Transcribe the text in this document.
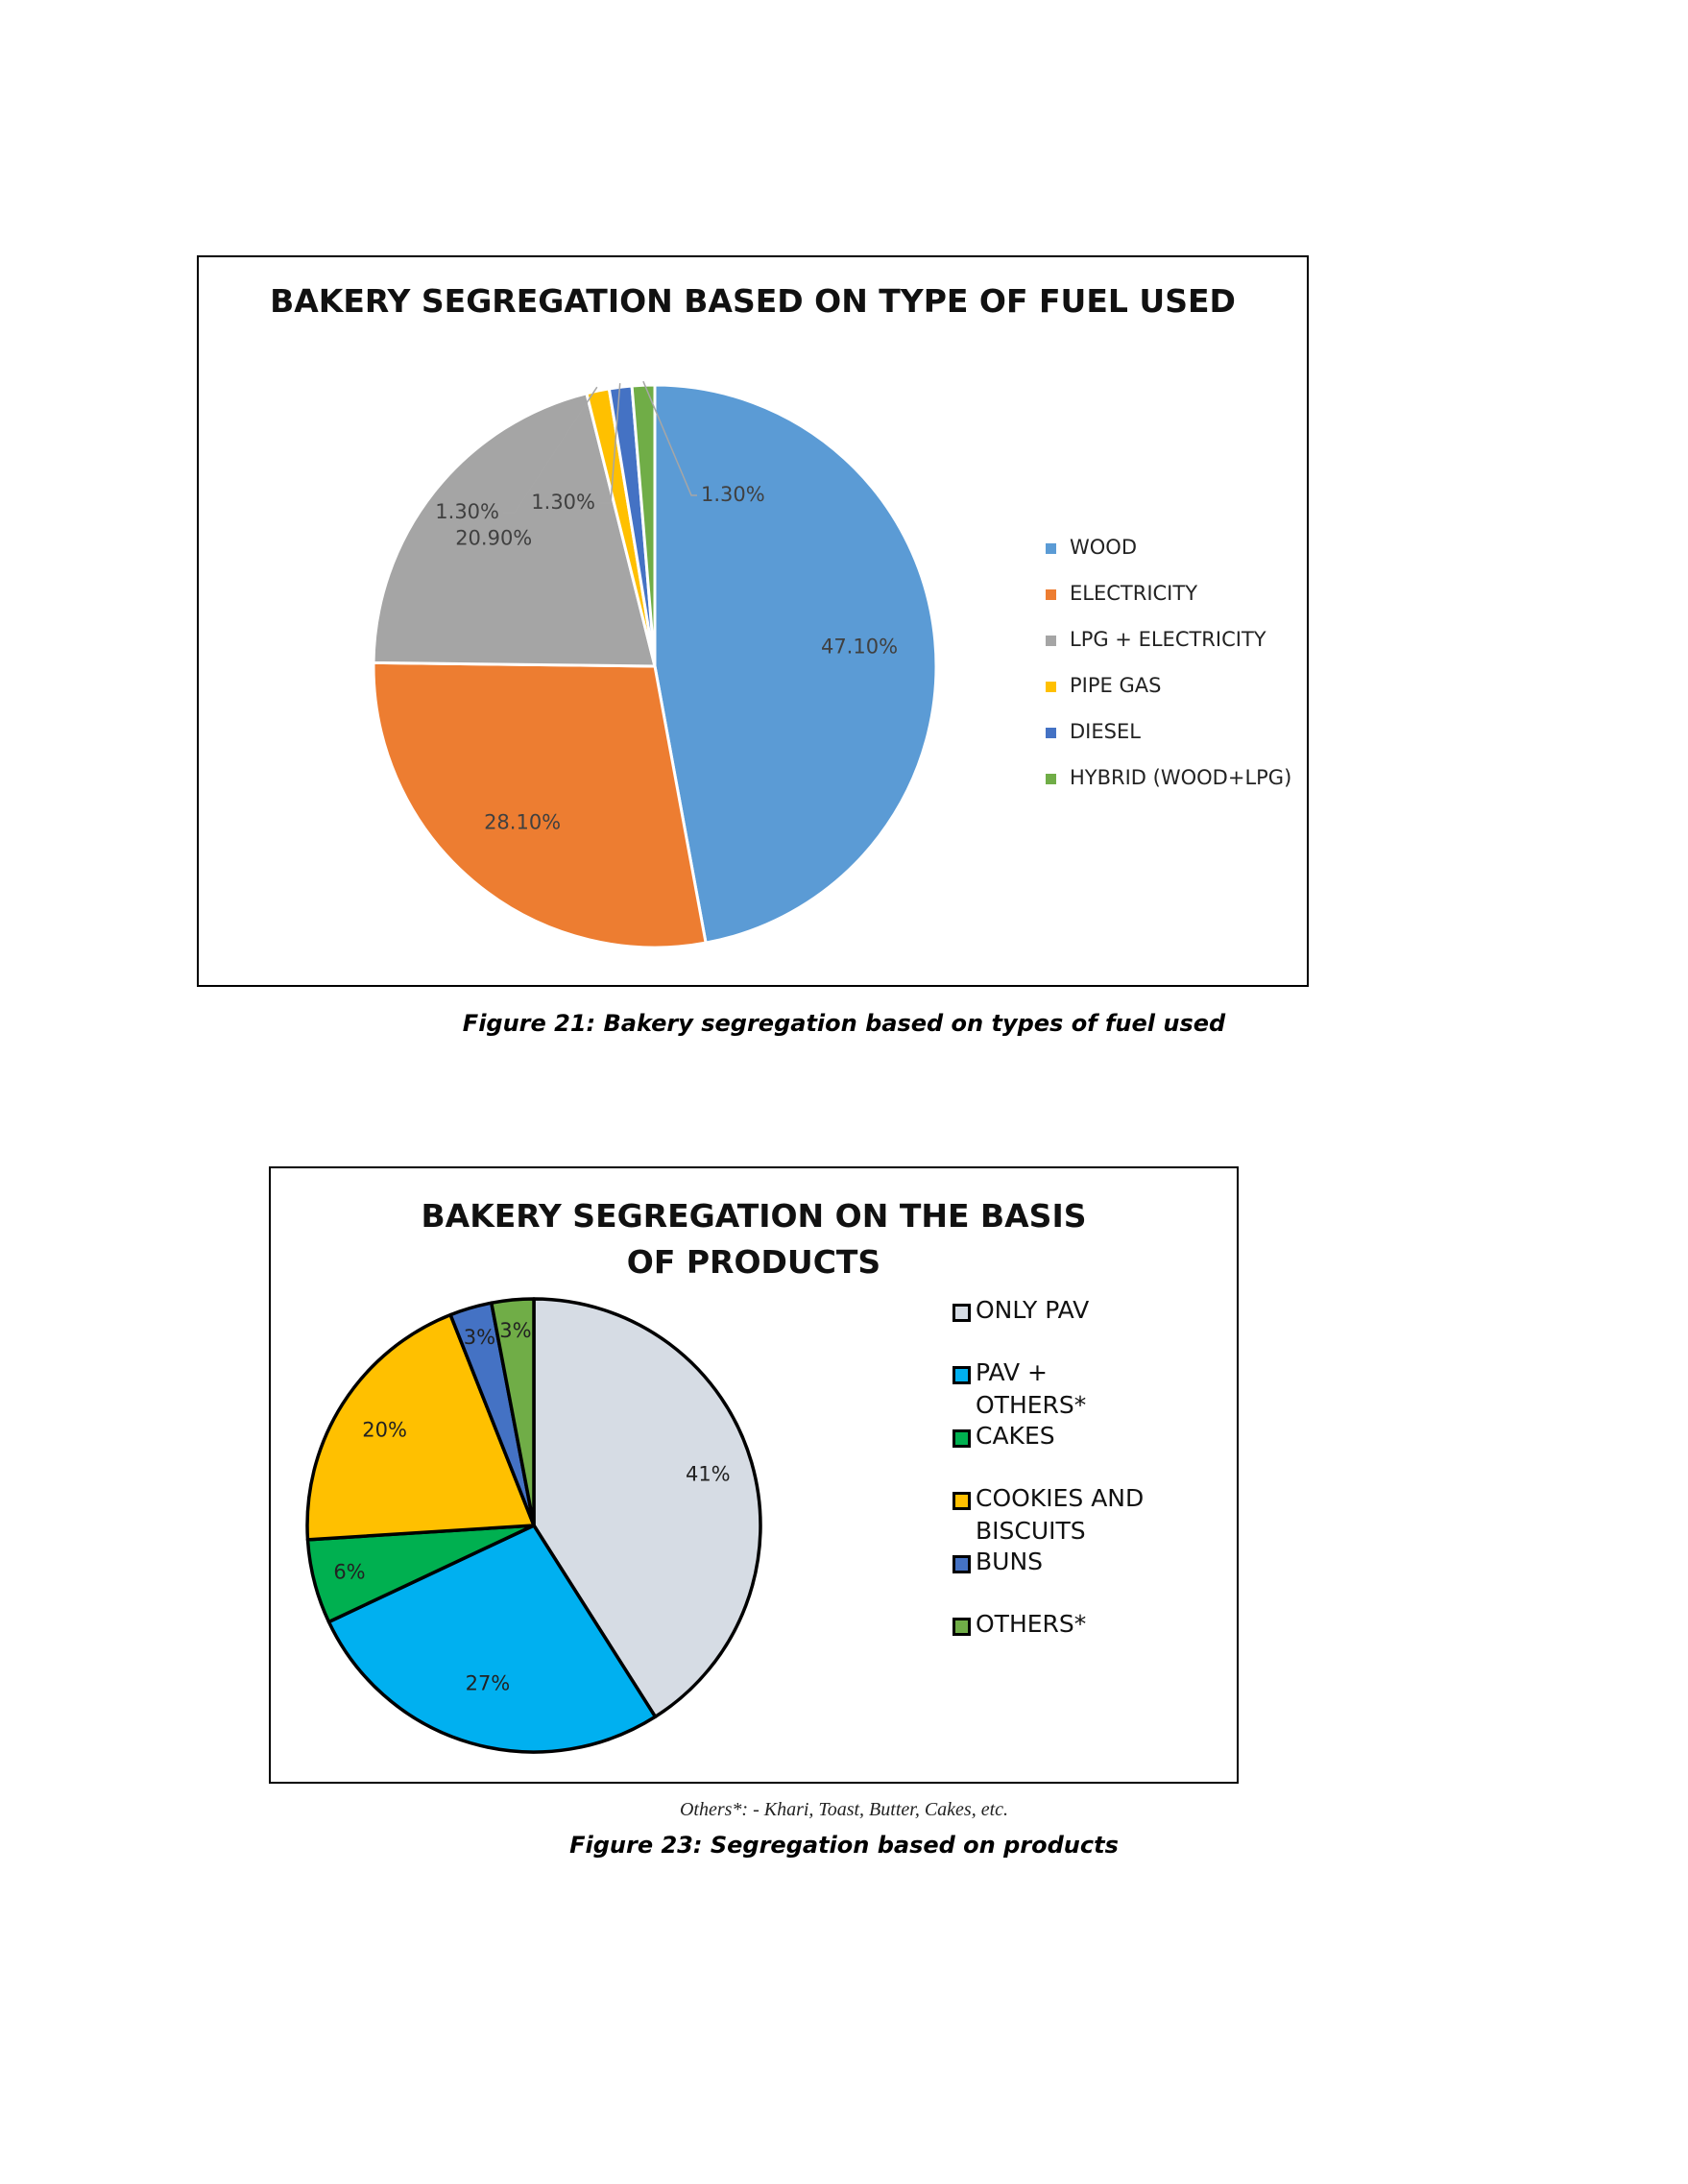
BAKERY SEGREGATION BASED ON TYPE OF FUEL USED
47.10%
28.10%
20.90%
1.30% 1.30%	1.30%
WOOD
ELECTRICITY
LPG + ELECTRICITY
PIPE GAS
DIESEL
HYBRID (WOOD+LPG)
Figure 21: Bakery segregation based on types of fuel used
BAKERY SEGREGATION ON THE BASIS OF PRODUCTS
41%
27%
6%
20%
3% 3%
ONLY PAV
PAV + OTHERS*
CAKES
COOKIES AND BISCUITS
BUNS
OTHERS*
Others*: - Khari, Toast, Butter, Cakes, etc.
Figure 23: Segregation based on products
